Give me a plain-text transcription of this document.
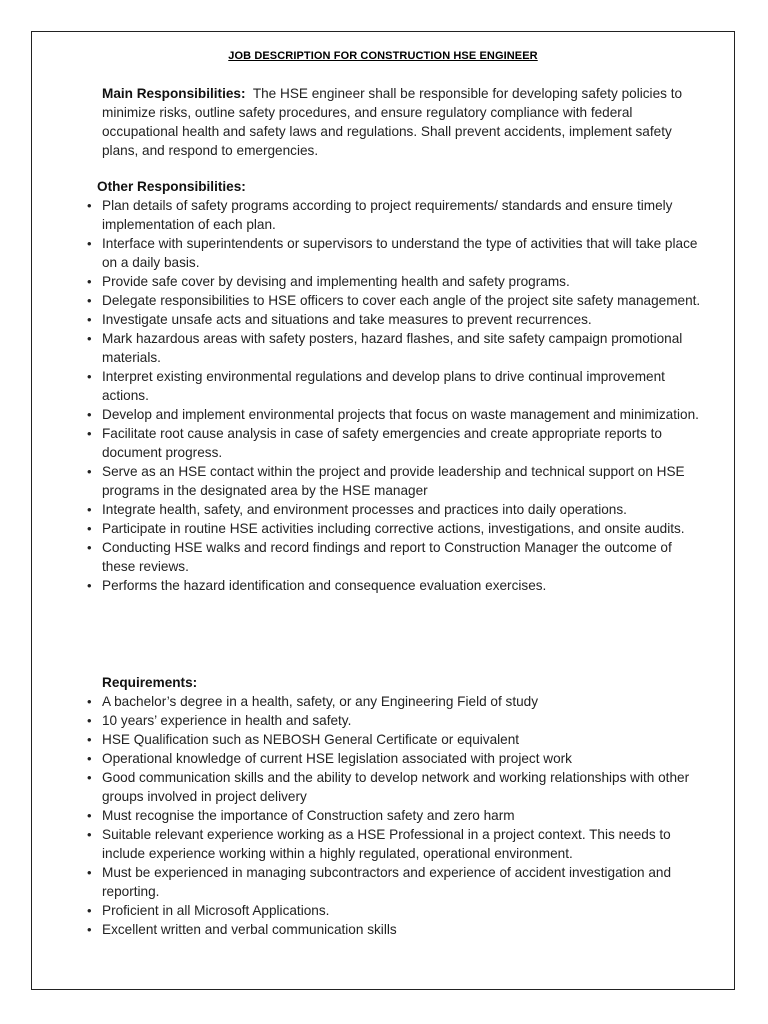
JOB DESCRIPTION FOR CONSTRUCTION HSE ENGINEER
Main Responsibilities:  The HSE engineer shall be responsible for developing safety policies to minimize risks, outline safety procedures, and ensure regulatory compliance with federal occupational health and safety laws and regulations. Shall prevent accidents, implement safety plans, and respond to emergencies.
Other Responsibilities:
• Plan details of safety programs according to project requirements/ standards and ensure timely implementation of each plan.
• Interface with superintendents or supervisors to understand the type of activities that will take place on a daily basis.
• Provide safe cover by devising and implementing health and safety programs.
• Delegate responsibilities to HSE officers to cover each angle of the project site safety management.
• Investigate unsafe acts and situations and take measures to prevent recurrences.
• Mark hazardous areas with safety posters, hazard flashes, and site safety campaign promotional materials.
• Interpret existing environmental regulations and develop plans to drive continual improvement actions.
• Develop and implement environmental projects that focus on waste management and minimization.
• Facilitate root cause analysis in case of safety emergencies and create appropriate reports to document progress.
• Serve as an HSE contact within the project and provide leadership and technical support on HSE programs in the designated area by the HSE manager
• Integrate health, safety, and environment processes and practices into daily operations.
• Participate in routine HSE activities including corrective actions, investigations, and onsite audits.
• Conducting HSE walks and record findings and report to Construction Manager the outcome of these reviews.
• Performs the hazard identification and consequence evaluation exercises.
Requirements:
• A bachelor’s degree in a health, safety, or any Engineering Field of study
• 10 years’ experience in health and safety.
• HSE Qualification such as NEBOSH General Certificate or equivalent
• Operational knowledge of current HSE legislation associated with project work
• Good communication skills and the ability to develop network and working relationships with other groups involved in project delivery
• Must recognise the importance of Construction safety and zero harm
• Suitable relevant experience working as a HSE Professional in a project context. This needs to include experience working within a highly regulated, operational environment.
• Must be experienced in managing subcontractors and experience of accident investigation and reporting.
• Proficient in all Microsoft Applications.
• Excellent written and verbal communication skills
